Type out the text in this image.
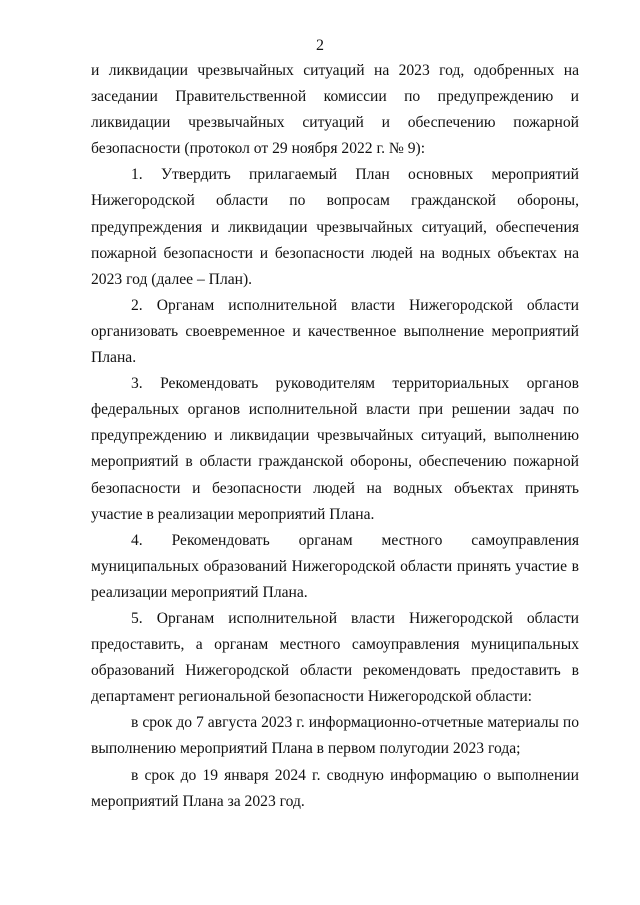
2

и ликвидации чрезвычайных ситуаций на 2023 год, одобренных на заседании Правительственной комиссии по предупреждению и ликвидации чрезвычайных ситуаций и обеспечению пожарной безопасности (протокол от 29 ноября 2022 г. № 9):

1. Утвердить прилагаемый План основных мероприятий Нижегородской области по вопросам гражданской обороны, предупреждения и ликвидации чрезвычайных ситуаций, обеспечения пожарной безопасности и безопасности людей на водных объектах на 2023 год (далее – План).

2. Органам исполнительной власти Нижегородской области организовать своевременное и качественное выполнение мероприятий Плана.

3. Рекомендовать руководителям территориальных органов федеральных органов исполнительной власти при решении задач по предупреждению и ликвидации чрезвычайных ситуаций, выполнению мероприятий в области гражданской обороны, обеспечению пожарной безопасности и безопасности людей на водных объектах принять участие в реализации мероприятий Плана.

4. Рекомендовать органам местного самоуправления муниципальных образований Нижегородской области принять участие в реализации мероприятий Плана.

5. Органам исполнительной власти Нижегородской области предоставить, а органам местного самоуправления муниципальных образований Нижегородской области рекомендовать предоставить в департамент региональной безопасности Нижегородской области:

в срок до 7 августа 2023 г. информационно-отчетные материалы по выполнению мероприятий Плана в первом полугодии 2023 года;

в срок до 19 января 2024 г. сводную информацию о выполнении мероприятий Плана за 2023 год.
